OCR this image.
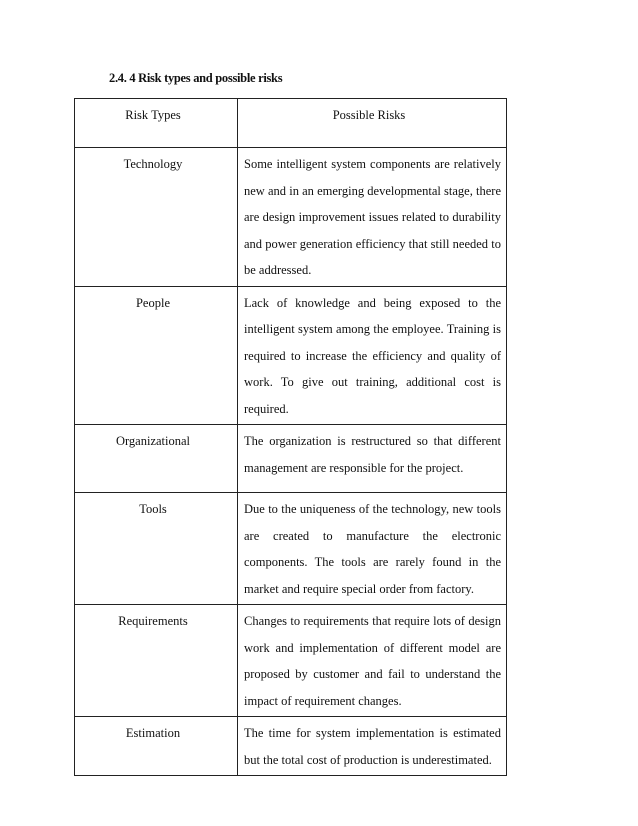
2.4. 4 Risk types and possible risks
Risk Types	Possible Risks
Technology	Some intelligent system components are relatively new and in an emerging developmental stage, there are design improvement issues related to durability and power generation efficiency that still needed to be addressed.
People	Lack of knowledge and being exposed to the intelligent system among the employee. Training is required to increase the efficiency and quality of work. To give out training, additional cost is required.
Organizational	The organization is restructured so that different management are responsible for the project.
Tools	Due to the uniqueness of the technology, new tools are created to manufacture the electronic components. The tools are rarely found in the market and require special order from factory.
Requirements	Changes to requirements that require lots of design work and implementation of different model are proposed by customer and fail to understand the impact of requirement changes.
Estimation	The time for system implementation is estimated but the total cost of production is underestimated.
